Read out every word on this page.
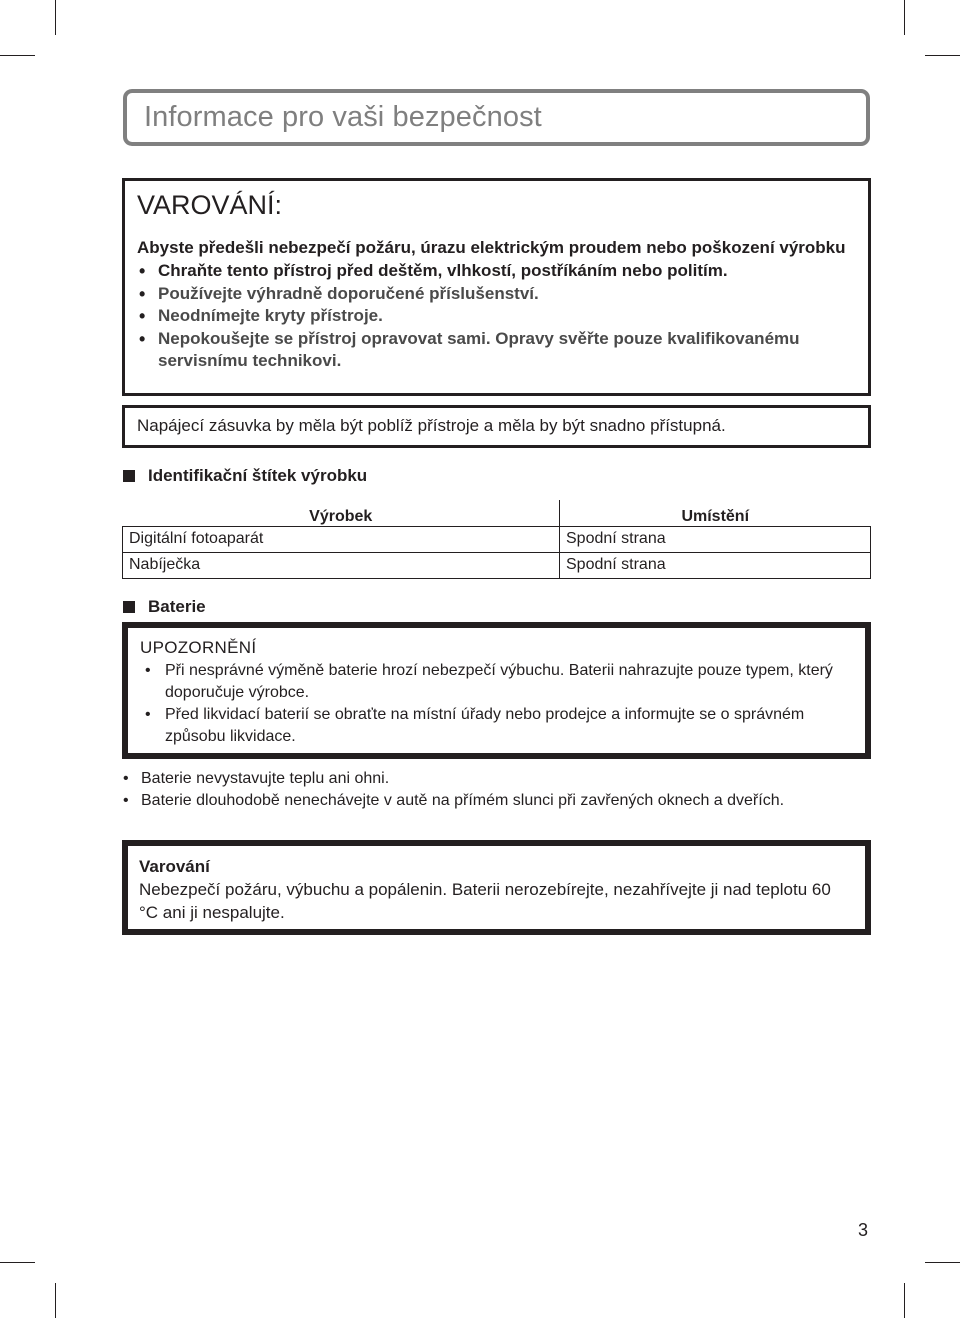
Informace pro vaši bezpečnost
VAROVÁNÍ:

Abyste předešli nebezpečí požáru, úrazu elektrickým proudem nebo poškození výrobku

• Chraňte tento přístroj před deštěm, vlhkostí, postříkáním nebo politím.
• Používejte výhradně doporučené příslušenství.
• Neodnímejte kryty přístroje.
• Nepokoušejte se přístroj opravovat sami. Opravy svěřte pouze kvalifikovanému servisnímu technikovi.
Napájecí zásuvka by měla být poblíž přístroje a měla by být snadno přístupná.
Identifikační štítek výrobku
Výrobek	Umístění
Digitální fotoaparát	Spodní strana
Nabíječka	Spodní strana
Baterie
UPOZORNĚNÍ
• Při nesprávné výměně baterie hrozí nebezpečí výbuchu. Baterii nahrazujte pouze typem, který doporučuje výrobce.
• Před likvidací baterií se obraťte na místní úřady nebo prodejce a informujte se o správném způsobu likvidace.
• Baterie nevystavujte teplu ani ohni.
• Baterie dlouhodobě nenechávejte v autě na přímém slunci při zavřených oknech a dveřích.
Varování

Nebezpečí požáru, výbuchu a popálenin. Baterii nerozebírejte, nezahřívejte ji nad teplotu 60 °C ani ji nespalujte.

3
